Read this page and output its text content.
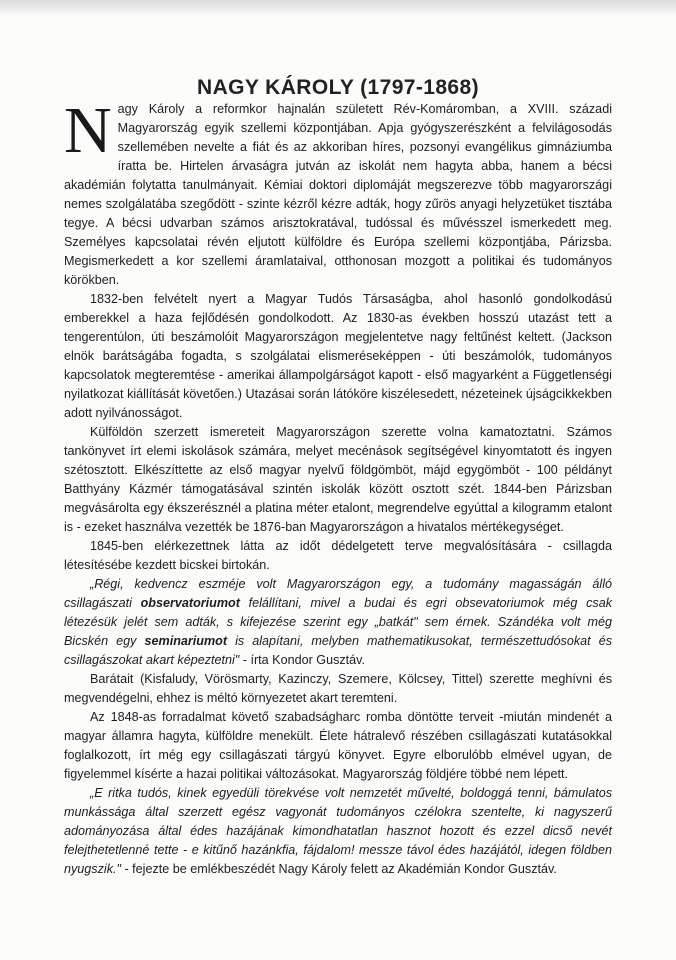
NAGY KÁROLY (1797-1868)

Nagy Károly a reformkor hajnalán született Rév-Komáromban, a XVIII. századi Magyarország egyik szellemi központjában. Apja gyógyszerészként a felvilágosodás szellemében nevelte a fiát és az akkoriban híres, pozsonyi evangélikus gimnáziumba íratta be. Hirtelen árvaságra jutván az iskolát nem hagyta abba, hanem a bécsi akadémián folytatta tanulmányait. Kémiai doktori diplomáját megszerezve több magyarországi nemes szolgálatába szegődött - szinte kézről kézre adták, hogy zűrös anyagi helyzetüket tisztába tegye. A bécsi udvarban számos arisztokratával, tudóssal és művésszel ismerkedett meg. Személyes kapcsolatai révén eljutott külföldre és Európa szellemi központjába, Párizsba. Megismerkedett a kor szellemi áramlataival, otthonosan mozgott a politikai és tudományos körökben.

1832-ben felvételt nyert a Magyar Tudós Társaságba, ahol hasonló gondolkodású emberekkel a haza fejlődésén gondolkodott. Az 1830-as években hosszú utazást tett a tengerentúlon, úti beszámolóit Magyarországon megjelentetve nagy feltűnést keltett. (Jackson elnök barátságába fogadta, s szolgálatai elismeréseképpen - úti beszámolók, tudományos kapcsolatok megteremtése - amerikai állampolgárságot kapott - első magyarként a Függetlenségi nyilatkozat kiállítását követően.) Utazásai során látóköre kiszélesedett, nézeteinek újságcikkekben adott nyilvánosságot.

Külföldön szerzett ismereteit Magyarországon szerette volna kamatoztatni. Számos tankönyvet írt elemi iskolások számára, melyet mecénások segítségével kinyomtatott és ingyen szétosztott. Elkészíttette az első magyar nyelvű földgömböt, májd egygömböt - 100 példányt Batthyány Kázmér támogatásával szintén iskolák között osztott szét. 1844-ben Párizsban megvásárolta egy ékszerésznél a platina méter etalont, megrendelve egyúttal a kilogramm etalont is - ezeket használva vezették be 1876-ban Magyarországon a hivatalos mértékegységet.

1845-ben elérkezettnek látta az időt dédelgetett terve megvalósítására - csillagda létesítésébe kezdett bicskei birtokán.

„Régi, kedvencz eszméje volt Magyarországon egy, a tudomány magasságán álló csillagászati observatoriumot felállítani, mivel a budai és egri obsevatoriumok még csak létezésük jelét sem adták, s kifejezése szerint egy „batkát" sem érnek. Szándéka volt még Bicskén egy seminariumot is alapítani, melyben mathematikusokat, természettudósokat és csillagászokat akart képeztetni" - írta Kondor Gusztáv.

Barátait (Kisfaludy, Vörösmarty, Kazinczy, Szemere, Kölcsey, Tittel) szerette meghívni és megvendégelni, ehhez is méltó környezetet akart teremteni.

Az 1848-as forradalmat követő szabadságharc romba döntötte terveit -miután mindenét a magyar államra hagyta, külföldre menekült. Élete hátralevő részében csillagászati kutatásokkal foglalkozott, írt még egy csillagászati tárgyú könyvet. Egyre elborulóbb elmével ugyan, de figyelemmel kísérte a hazai politikai változásokat. Magyarország földjére többé nem lépett.

„E ritka tudós, kinek egyedüli törekvése volt nemzetét művelté, boldoggá tenni, bámulatos munkássága által szerzett egész vagyonát tudományos czélokra szentelte, ki nagyszerű adományozása által édes hazájának kimondhatatlan hasznot hozott és ezzel dicső nevét felejthetetlenné tette - e kitűnő hazánkfia, fájdalom! messze távol édes hazájától, idegen földben nyugszik." - fejezte be emlékbeszédét Nagy Károly felett az Akadémián Kondor Gusztáv.
